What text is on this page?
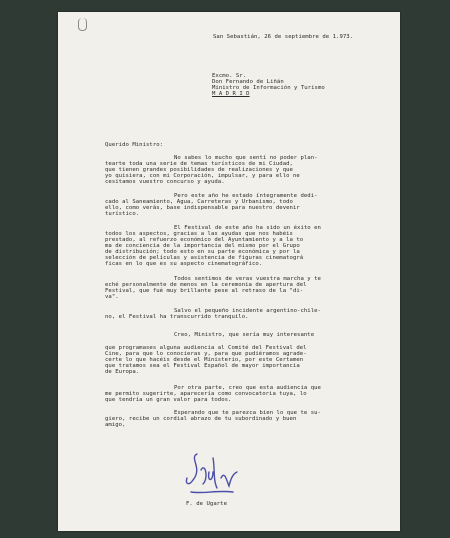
San Sebastián, 26 de septiembre de 1.973.
Excmo. Sr.
Don Fernando de Liñán
Ministro de Información y Turismo
M A D R I D
Querido Ministro:
No sabes lo mucho que sentí no poder plan-
tearte toda una serie de temas turísticos de mi Ciudad,
que tienen grandes posibilidades de realizaciones y que
yo quisiera, con mi Corporación, impulsar, y para ello ne
cesitamos vuestro concurso y ayuda.
Pero este año he estado íntegramente dedi-
cado al Saneamiento, Agua, Carreteras y Urbanismo, todo
ello, como verás, base indispensable para nuestro devenir
turístico.
El Festival de este año ha sido un éxito en
todos los aspectos, gracias a las ayudas que nos habéis
prestado, al refuerzo económico del Ayuntamiento y a la to
ma de conciencia de la importancia del mismo por el Grupo
de distribución; todo esto en su parte económica y por la
selección de películas y asistencia de figuras cinematográ
ficas en lo que es su aspecto cinematográfico.
Todos sentimos de veras vuestra marcha y te
eché personalmente de menos en la ceremonia de apertura del
Festival, que fué muy brillante pese al retraso de la "di-
va".
Salvo el pequeño incidente argentino-chile-
no, el Festival ha transcurrido tranquilo.
Creo, Ministro, que sería muy interesante
que programases alguna audiencia al Comité del Festival del
Cine, para que lo conocieras y, para que pudiéramos agrade-
certe lo que hacéis desde el Ministerio, por este Certamen
que tratamos sea el Festival Español de mayor importancia
de Europa.
Por otra parte, creo que esta audiencia que
me permito sugerirte, aparecería como convocatoria tuya, lo
que tendría un gran valor para todos.
Esperando que te parezca bien lo que te su-
giero, recibe un cordial abrazo de tu subordinado y buen
amigo,
F. de Ugarte
